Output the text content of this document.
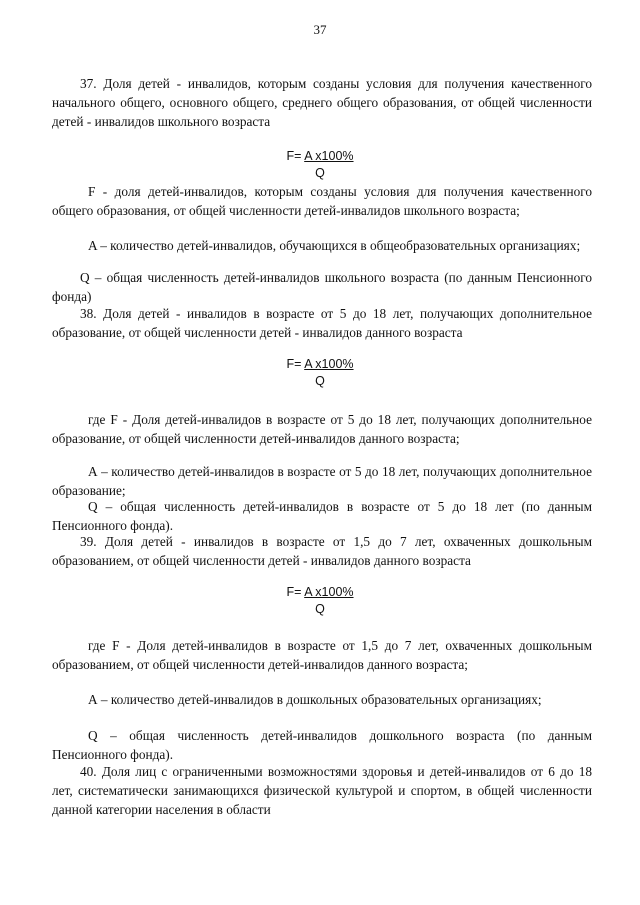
37
37. Доля детей - инвалидов, которым созданы условия для получения качественного начального общего, основного общего, среднего общего образования, от общей численности детей - инвалидов школьного возраста
F= A x100%
Q
F - доля детей-инвалидов, которым созданы условия для получения качественного общего образования, от общей численности детей-инвалидов школьного возраста;
A – количество детей-инвалидов, обучающихся в общеобразовательных организациях;
Q – общая численность детей-инвалидов школьного возраста (по данным Пенсионного фонда)
38. Доля детей - инвалидов в возрасте от 5 до 18 лет, получающих дополнительное образование, от общей численности детей - инвалидов данного возраста
F= A x100%
Q
где F - Доля детей-инвалидов в возрасте от 5 до 18 лет, получающих дополнительное образование, от общей численности детей-инвалидов данного возраста;
А – количество детей-инвалидов в возрасте от 5 до 18 лет, получающих дополнительное образование;
Q – общая численность детей-инвалидов в возрасте от 5 до 18 лет (по данным Пенсионного фонда).
39. Доля детей - инвалидов в возрасте от 1,5 до 7 лет, охваченных дошкольным образованием, от общей численности детей - инвалидов данного возраста
F= A x100%
Q
где F - Доля детей-инвалидов в возрасте от 1,5 до 7 лет, охваченных дошкольным образованием, от общей численности детей-инвалидов данного возраста;
А – количество детей-инвалидов в дошкольных образовательных организациях;
Q – общая численность детей-инвалидов дошкольного возраста (по данным Пенсионного фонда).
40. Доля лиц с ограниченными возможностями здоровья и детей-инвалидов от 6 до 18 лет, систематически занимающихся физической культурой и спортом, в общей численности данной категории населения в области
